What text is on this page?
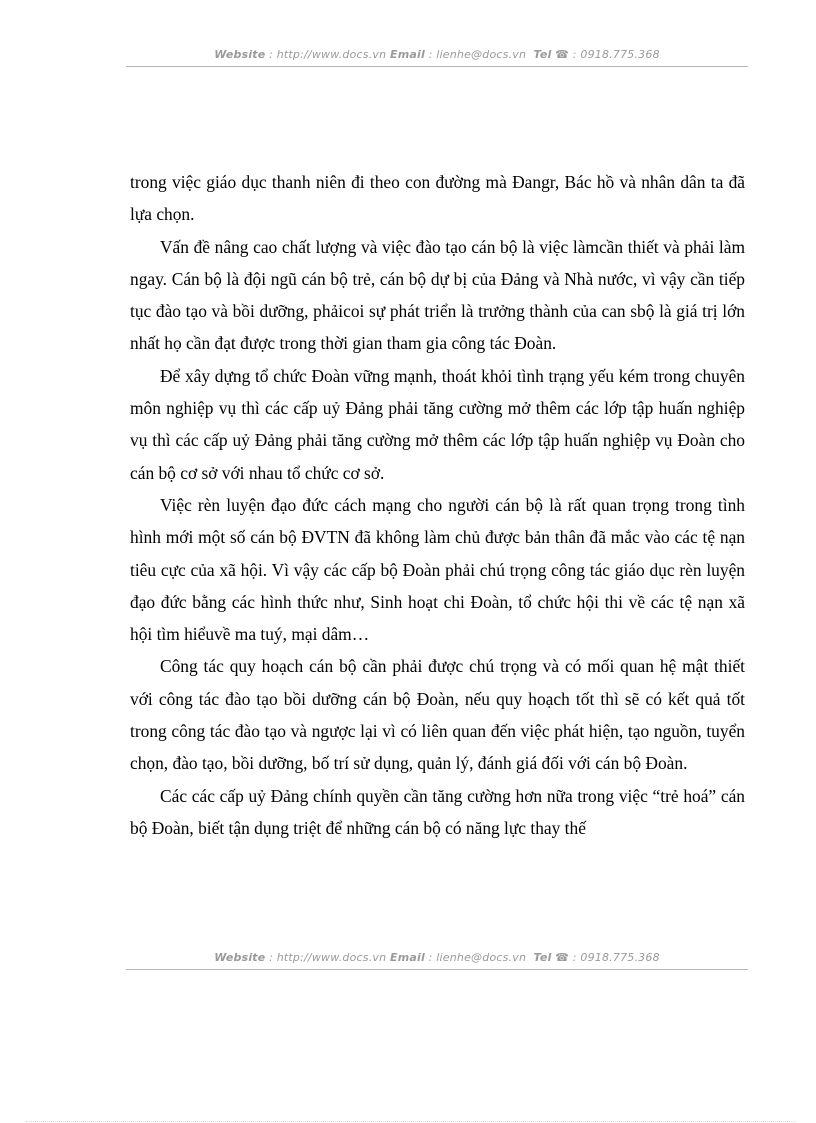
Website : http://www.docs.vn Email : lienhe@docs.vn Tel ☎ : 0918.775.368

trong việc giáo dục thanh niên đi theo con đường mà Đangr, Bác hồ và nhân dân ta đã lựa chọn.

Vấn đề nâng cao chất lượng và việc đào tạo cán bộ là việc làmcần thiết và phải làm ngay. Cán bộ là đội ngũ cán bộ trẻ, cán bộ dự bị của Đảng và Nhà nước, vì vậy cần tiếp tục đào tạo và bồi dưỡng, phảicoi sự phát triển là trưởng thành của can sbộ là giá trị lớn nhất họ cần đạt được trong thời gian tham gia công tác Đoàn.

Để xây dựng tổ chức Đoàn vững mạnh, thoát khỏi tình trạng yếu kém trong chuyên môn nghiệp vụ thì các cấp uỷ Đảng phải tăng cường mở thêm các lớp tập huấn nghiệp vụ thì các cấp uỷ Đảng phải tăng cường mở thêm các lớp tập huấn nghiệp vụ Đoàn cho cán bộ cơ sở với nhau tổ chức cơ sở.

Việc rèn luyện đạo đức cách mạng cho người cán bộ là rất quan trọng trong tình hình mới một số cán bộ ĐVTN đã không làm chủ được bản thân đã mắc vào các tệ nạn tiêu cực của xã hội. Vì vậy các cấp bộ Đoàn phải chú trọng công tác giáo dục rèn luyện đạo đức bằng các hình thức như, Sinh hoạt chi Đoàn, tổ chức hội thi về các tệ nạn xã hội tìm hiểuvề ma tuý, mại dâm…

Công tác quy hoạch cán bộ cần phải được chú trọng và có mối quan hệ mật thiết với công tác đào tạo bồi dưỡng cán bộ Đoàn, nếu quy hoạch tốt thì sẽ có kết quả tốt trong công tác đào tạo và ngược lại vì có liên quan đến việc phát hiện, tạo nguồn, tuyển chọn, đào tạo, bồi dưỡng, bố trí sử dụng, quản lý, đánh giá đối với cán bộ Đoàn.

Các các cấp uỷ Đảng chính quyền cần tăng cường hơn nữa trong việc “trẻ hoá” cán bộ Đoàn, biết tận dụng triệt để những cán bộ có năng lực thay thế

Website : http://www.docs.vn Email : lienhe@docs.vn Tel ☎ : 0918.775.368
